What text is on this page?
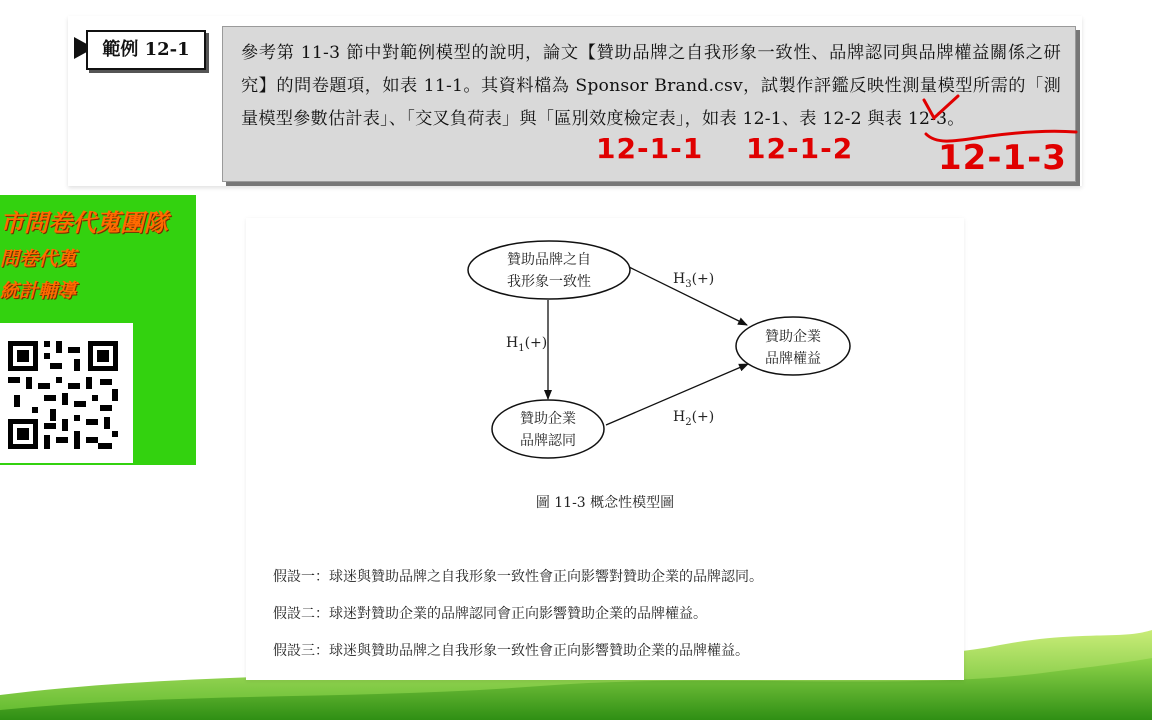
範例 12-1	參考第 11-3 節中對範例模型的說明，論文【贊助品牌之自我形象一致性、品牌認同與品牌權益關係之研究】的問卷題項，如表 11-1。其資料檔為 Sponsor Brand.csv，試製作評鑑反映性測量模型所需的「測量模型參數估計表」、「交叉負荷表」與「區別效度檢定表」，如表 12-1、表 12-2 與表 12-3。
12-1-1 12-1-2 12-1-3
市問卷代蒐團隊
問卷代蒐
統計輔導
贊助品牌之自
我形象一致性
贊助企業
品牌權益
贊助企業
品牌認同
$H_1(+)$
$H_3(+)$
$H_2(+)$
圖 11-3 概念性模型圖
假設一：球迷與贊助品牌之自我形象一致性會正向影響對贊助企業的品牌認同。
假設二：球迷對贊助企業的品牌認同會正向影響贊助企業的品牌權益。
假設三：球迷與贊助品牌之自我形象一致性會正向影響贊助企業的品牌權益。
